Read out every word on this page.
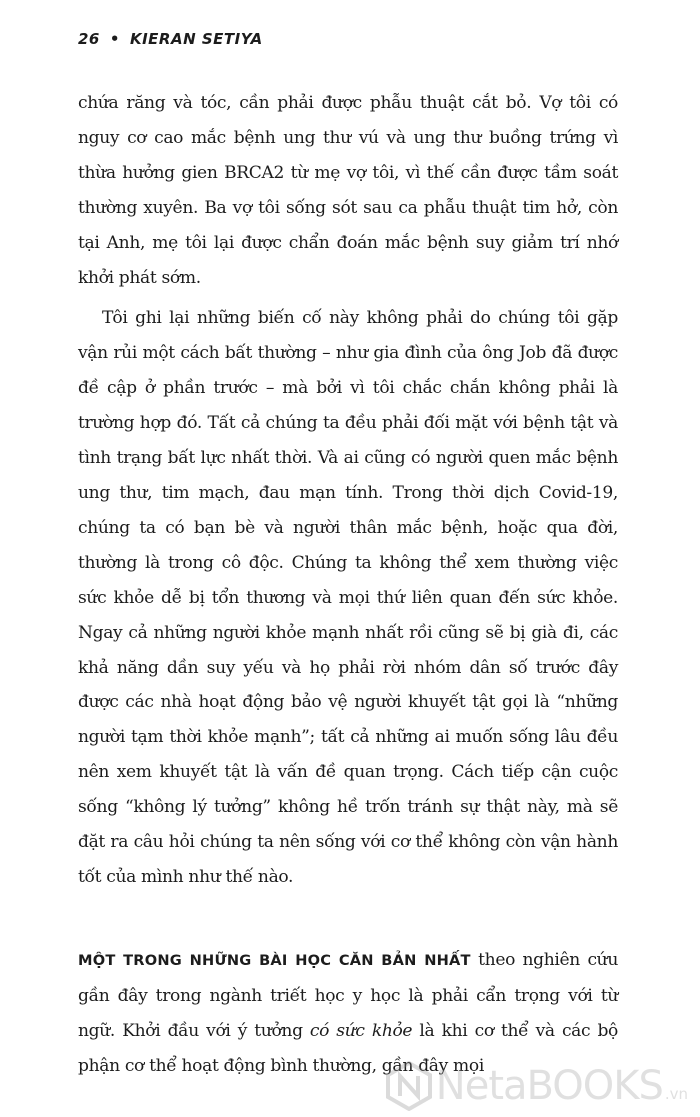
26 • KIERAN SETIYA

chứa răng và tóc, cần phải được phẫu thuật cắt bỏ. Vợ tôi có nguy cơ cao mắc bệnh ung thư vú và ung thư buồng trứng vì thừa hưởng gien BRCA2 từ mẹ vợ tôi, vì thế cần được tầm soát thường xuyên. Ba vợ tôi sống sót sau ca phẫu thuật tim hở, còn tại Anh, mẹ tôi lại được chẩn đoán mắc bệnh suy giảm trí nhớ khởi phát sớm.

Tôi ghi lại những biến cố này không phải do chúng tôi gặp vận rủi một cách bất thường – như gia đình của ông Job đã được đề cập ở phần trước – mà bởi vì tôi chắc chắn không phải là trường hợp đó. Tất cả chúng ta đều phải đối mặt với bệnh tật và tình trạng bất lực nhất thời. Và ai cũng có người quen mắc bệnh ung thư, tim mạch, đau mạn tính. Trong thời dịch Covid-19, chúng ta có bạn bè và người thân mắc bệnh, hoặc qua đời, thường là trong cô độc. Chúng ta không thể xem thường việc sức khỏe dễ bị tổn thương và mọi thứ liên quan đến sức khỏe. Ngay cả những người khỏe mạnh nhất rồi cũng sẽ bị già đi, các khả năng dần suy yếu và họ phải rời nhóm dân số trước đây được các nhà hoạt động bảo vệ người khuyết tật gọi là “những người tạm thời khỏe mạnh”; tất cả những ai muốn sống lâu đều nên xem khuyết tật là vấn đề quan trọng. Cách tiếp cận cuộc sống “không lý tưởng” không hề trốn tránh sự thật này, mà sẽ đặt ra câu hỏi chúng ta nên sống với cơ thể không còn vận hành tốt của mình như thế nào.

MỘT TRONG NHỮNG BÀI HỌC CĂN BẢN NHẤT theo nghiên cứu gần đây trong ngành triết học y học là phải cẩn trọng với từ ngữ. Khởi đầu với ý tưởng có sức khỏe là khi cơ thể và các bộ phận cơ thể hoạt động bình thường, gần đây mọi

NetaBOOKS .vn
